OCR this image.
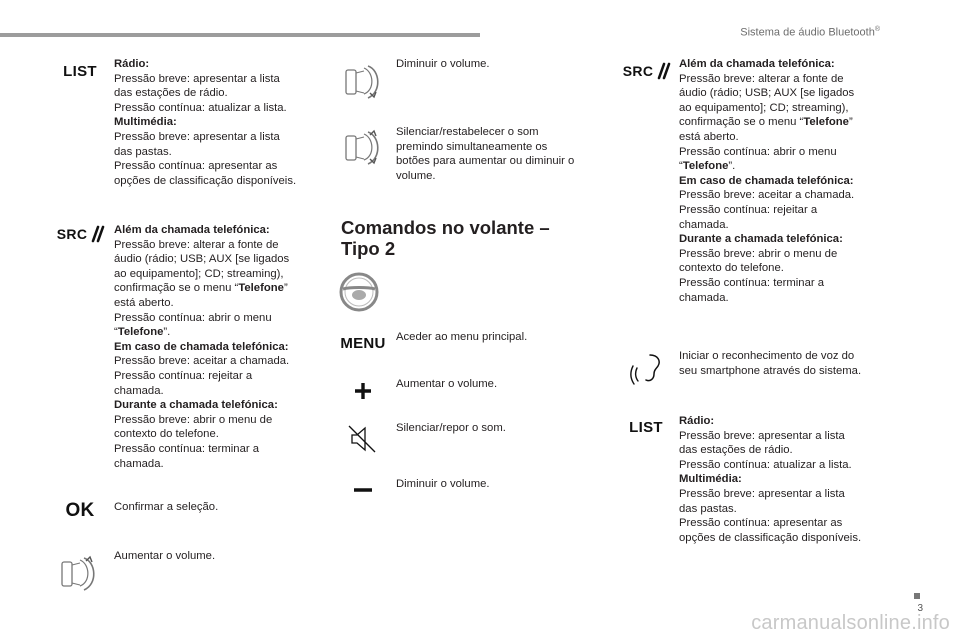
Sistema de áudio Bluetooth®
LIST Rádio:

Pressão breve: apresentar a lista

das estações de rádio.

Pressão contínua: atualizar a lista.

Multimédia:

Pressão breve: apresentar a lista

das pastas.

Pressão contínua: apresentar as

opções de classificação disponíveis.

SRC Além da chamada telefónica:

Pressão breve: alterar a fonte de

áudio (rádio; USB; AUX [se ligados

ao equipamento]; CD; streaming),

confirmação se o menu “Telefone”

está aberto.

Pressão contínua: abrir o menu

“Telefone”.

Em caso de chamada telefónica:

Pressão breve: aceitar a chamada.

Pressão contínua: rejeitar a

chamada.

Durante a chamada telefónica:

Pressão breve: abrir o menu de

contexto do telefone.

Pressão contínua: terminar a

chamada.

OK Confirmar a seleção.

Aumentar o volume.

Diminuir o volume.

Silenciar/restabelecer o som

premindo simultaneamente os

botões para aumentar ou diminuir o

volume.

Comandos no volante –
Tipo 2
MENU Aceder ao menu principal.

Aumentar o volume.

Silenciar/repor o som.

Diminuir o volume.

SRC Além da chamada telefónica:

Pressão breve: alterar a fonte de

áudio (rádio; USB; AUX [se ligados

ao equipamento]; CD; streaming),

confirmação se o menu “Telefone”

está aberto.

Pressão contínua: abrir o menu

“Telefone”.

Em caso de chamada telefónica:

Pressão breve: aceitar a chamada.

Pressão contínua: rejeitar a

chamada.

Durante a chamada telefónica:

Pressão breve: abrir o menu de

contexto do telefone.

Pressão contínua: terminar a

chamada.

Iniciar o reconhecimento de voz do

seu smartphone através do sistema.

LIST Rádio:

Pressão breve: apresentar a lista

das estações de rádio.

Pressão contínua: atualizar a lista.

Multimédia:

Pressão breve: apresentar a lista

das pastas.

Pressão contínua: apresentar as

opções de classificação disponíveis.

3
carmanualsonline.info
